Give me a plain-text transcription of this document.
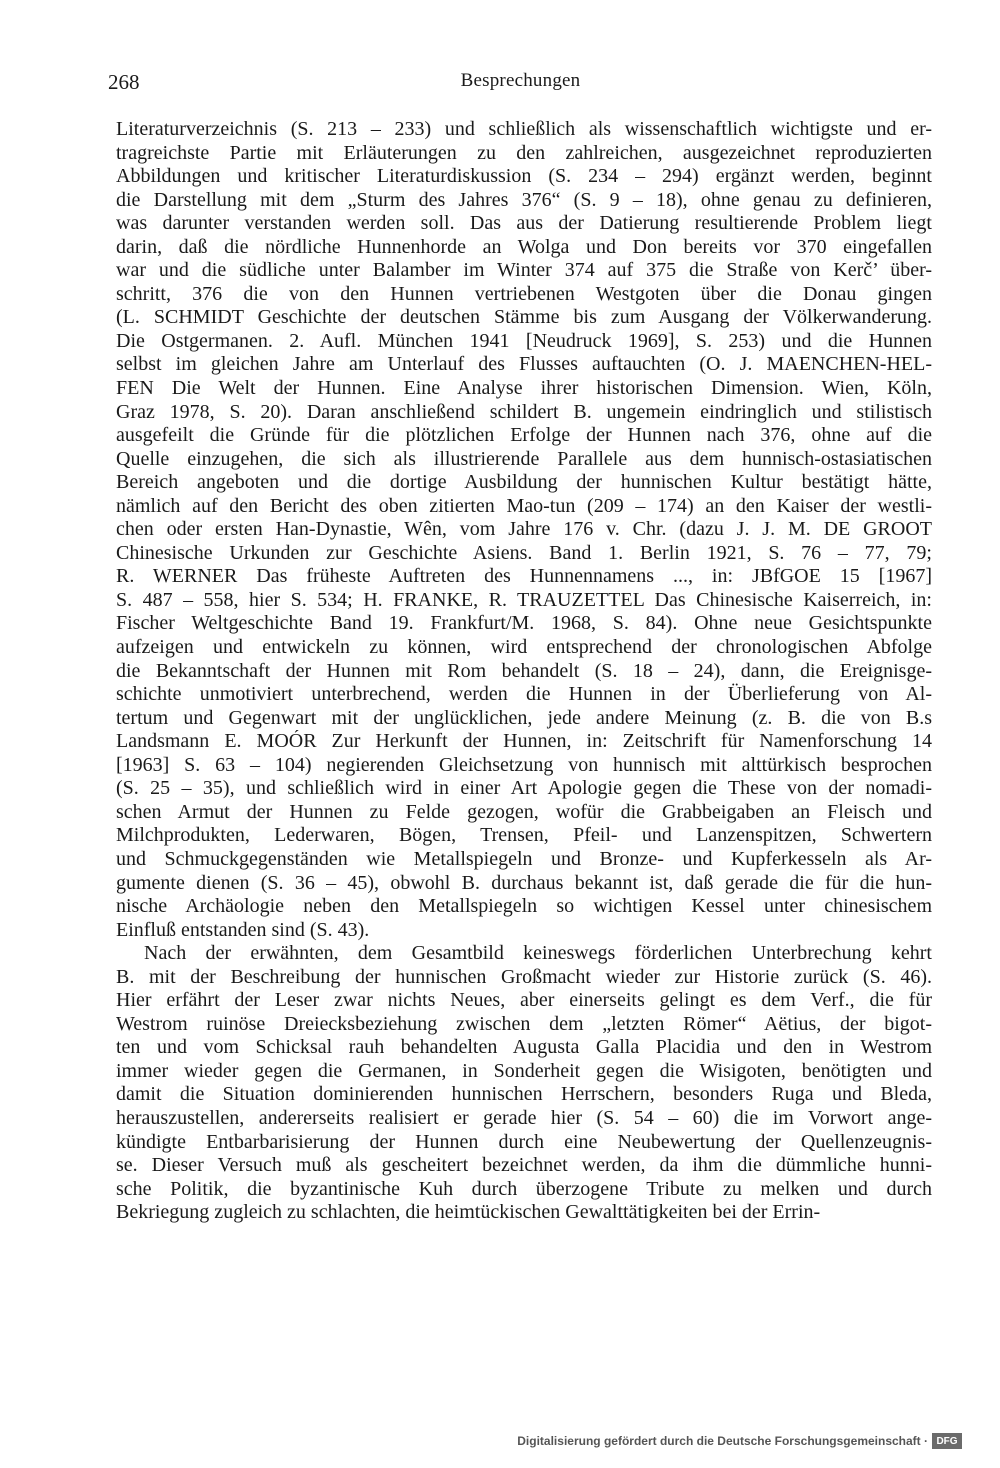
268	Besprechungen
Literaturverzeichnis (S. 213 – 233) und schließlich als wissenschaftlich wichtigste und er-
tragreichste Partie mit Erläuterungen zu den zahlreichen, ausgezeichnet reproduzierten
Abbildungen und kritischer Literaturdiskussion (S. 234 – 294) ergänzt werden, beginnt
die Darstellung mit dem „Sturm des Jahres 376“ (S. 9 – 18), ohne genau zu definieren,
was darunter verstanden werden soll. Das aus der Datierung resultierende Problem liegt
darin, daß die nördliche Hunnenhorde an Wolga und Don bereits vor 370 eingefallen
war und die südliche unter Balamber im Winter 374 auf 375 die Straße von Kerč’ über-
schritt, 376 die von den Hunnen vertriebenen Westgoten über die Donau gingen
(L. SCHMIDT Geschichte der deutschen Stämme bis zum Ausgang der Völkerwanderung.
Die Ostgermanen. 2. Aufl. München 1941 [Neudruck 1969], S. 253) und die Hunnen
selbst im gleichen Jahre am Unterlauf des Flusses auftauchten (O. J. MAENCHEN-HEL-
FEN Die Welt der Hunnen. Eine Analyse ihrer historischen Dimension. Wien, Köln,
Graz 1978, S. 20). Daran anschließend schildert B. ungemein eindringlich und stilistisch
ausgefeilt die Gründe für die plötzlichen Erfolge der Hunnen nach 376, ohne auf die
Quelle einzugehen, die sich als illustrierende Parallele aus dem hunnisch-ostasiatischen
Bereich angeboten und die dortige Ausbildung der hunnischen Kultur bestätigt hätte,
nämlich auf den Bericht des oben zitierten Mao-tun (209 – 174) an den Kaiser der westli-
chen oder ersten Han-Dynastie, Wên, vom Jahre 176 v. Chr. (dazu J. J. M. DE GROOT
Chinesische Urkunden zur Geschichte Asiens. Band 1. Berlin 1921, S. 76 – 77, 79;
R. WERNER Das früheste Auftreten des Hunnennamens ..., in: JBfGOE 15 [1967]
S. 487 – 558, hier S. 534; H. FRANKE, R. TRAUZETTEL Das Chinesische Kaiserreich, in:
Fischer Weltgeschichte Band 19. Frankfurt/M. 1968, S. 84). Ohne neue Gesichtspunkte
aufzeigen und entwickeln zu können, wird entsprechend der chronologischen Abfolge
die Bekanntschaft der Hunnen mit Rom behandelt (S. 18 – 24), dann, die Ereignisge-
schichte unmotiviert unterbrechend, werden die Hunnen in der Überlieferung von Al-
tertum und Gegenwart mit der unglücklichen, jede andere Meinung (z. B. die von B.s
Landsmann E. MOÓR Zur Herkunft der Hunnen, in: Zeitschrift für Namenforschung 14
[1963] S. 63 – 104) negierenden Gleichsetzung von hunnisch mit alttürkisch besprochen
(S. 25 – 35), und schließlich wird in einer Art Apologie gegen die These von der nomadi-
schen Armut der Hunnen zu Felde gezogen, wofür die Grabbeigaben an Fleisch und
Milchprodukten, Lederwaren, Bögen, Trensen, Pfeil- und Lanzenspitzen, Schwertern
und Schmuckgegenständen wie Metallspiegeln und Bronze- und Kupferkesseln als Ar-
gumente dienen (S. 36 – 45), obwohl B. durchaus bekannt ist, daß gerade die für die hun-
nische Archäologie neben den Metallspiegeln so wichtigen Kessel unter chinesischem
Einfluß entstanden sind (S. 43).
Nach der erwähnten, dem Gesamtbild keineswegs förderlichen Unterbrechung kehrt
B. mit der Beschreibung der hunnischen Großmacht wieder zur Historie zurück (S. 46).
Hier erfährt der Leser zwar nichts Neues, aber einerseits gelingt es dem Verf., die für
Westrom ruinöse Dreiecksbeziehung zwischen dem „letzten Römer“ Aëtius, der bigot-
ten und vom Schicksal rauh behandelten Augusta Galla Placidia und den in Westrom
immer wieder gegen die Germanen, in Sonderheit gegen die Wisigoten, benötigten und
damit die Situation dominierenden hunnischen Herrschern, besonders Ruga und Bleda,
herauszustellen, andererseits realisiert er gerade hier (S. 54 – 60) die im Vorwort ange-
kündigte Entbarbarisierung der Hunnen durch eine Neubewertung der Quellenzeugnis-
se. Dieser Versuch muß als gescheitert bezeichnet werden, da ihm die dümmliche hunni-
sche Politik, die byzantinische Kuh durch überzogene Tribute zu melken und durch
Bekriegung zugleich zu schlachten, die heimtückischen Gewalttätigkeiten bei der Errin-
Digitalisierung gefördert durch die Deutsche Forschungsgemeinschaft · DFG
